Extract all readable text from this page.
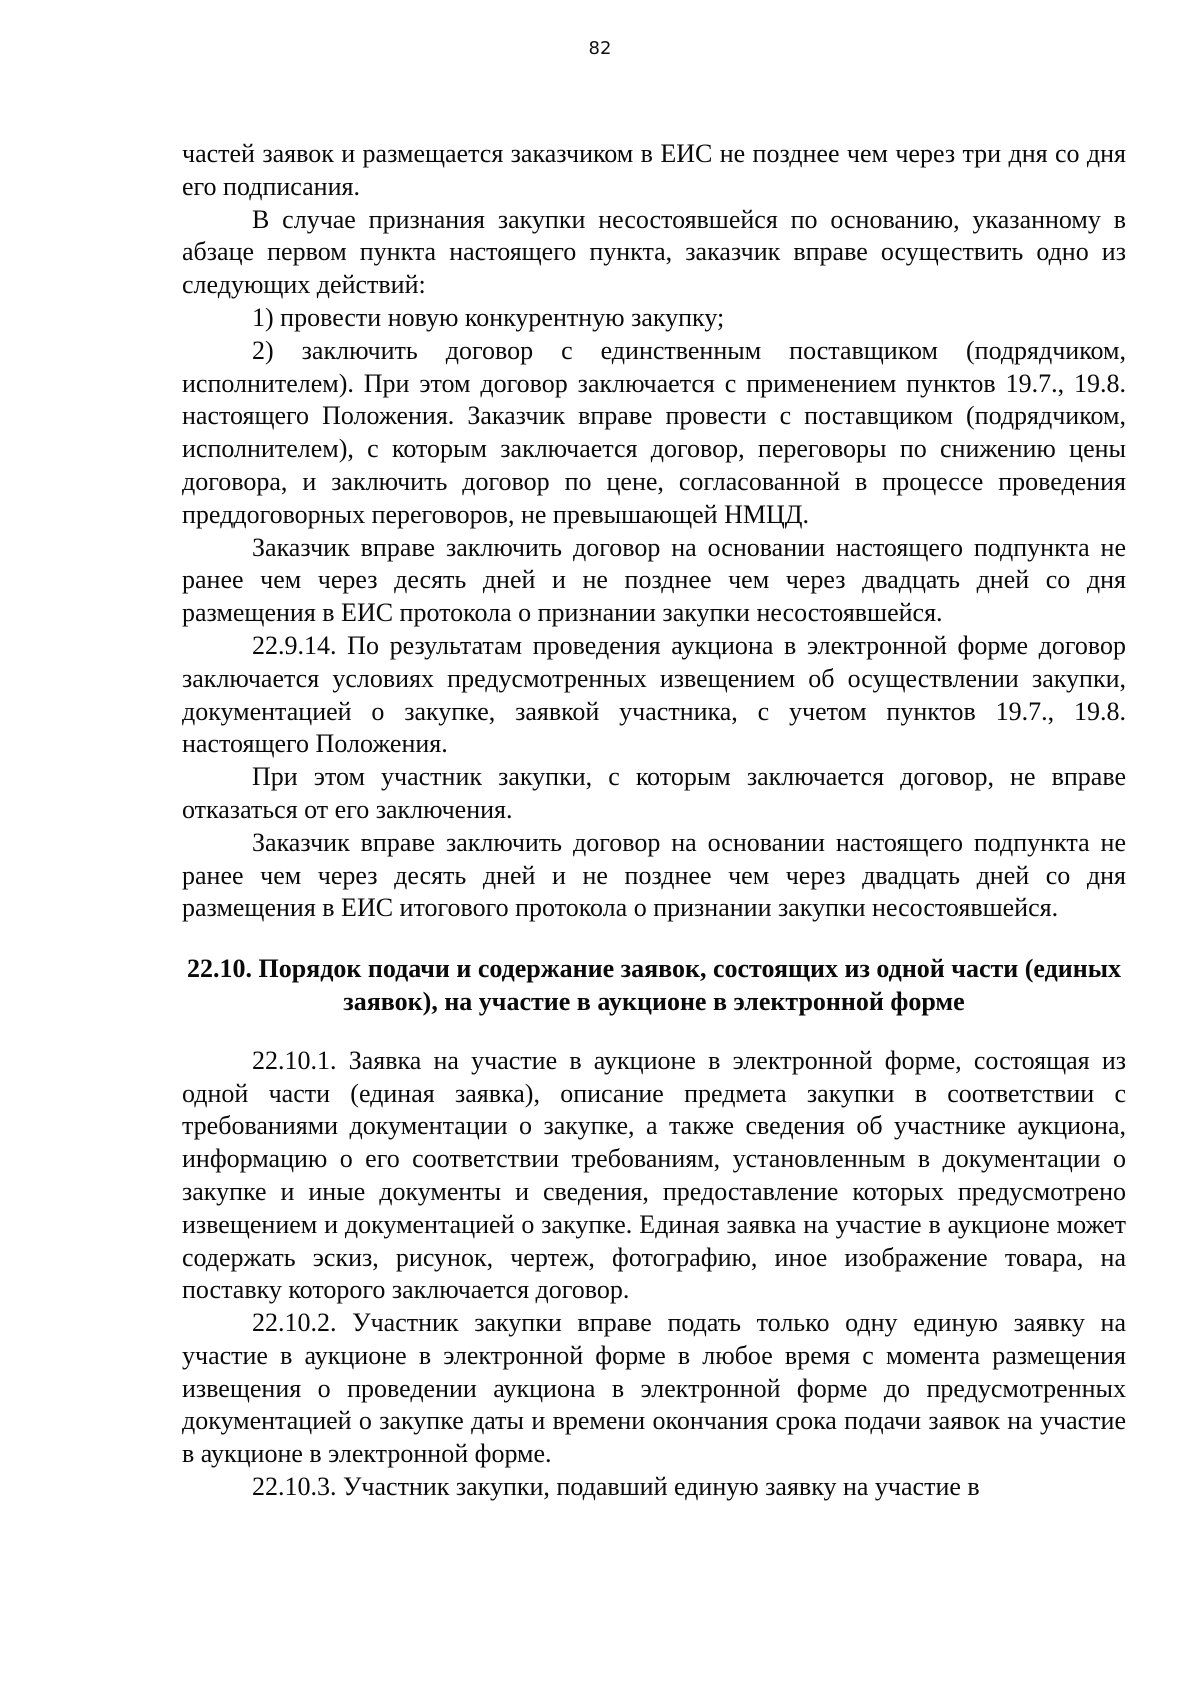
82

частей заявок и размещается заказчиком в ЕИС не позднее чем через три дня со дня его подписания.

В случае признания закупки несостоявшейся по основанию, указанному в абзаце первом пункта настоящего пункта, заказчик вправе осуществить одно из следующих действий:

1) провести новую конкурентную закупку;

2) заключить договор с единственным поставщиком (подрядчиком, исполнителем). При этом договор заключается с применением пунктов 19.7., 19.8. настоящего Положения. Заказчик вправе провести с поставщиком (подрядчиком, исполнителем), с которым заключается договор, переговоры по снижению цены договора, и заключить договор по цене, согласованной в процессе проведения преддоговорных переговоров, не превышающей НМЦД.

Заказчик вправе заключить договор на основании настоящего подпункта не ранее чем через десять дней и не позднее чем через двадцать дней со дня размещения в ЕИС протокола о признании закупки несостоявшейся.

22.9.14. По результатам проведения аукциона в электронной форме договор заключается условиях предусмотренных извещением об осуществлении закупки, документацией о закупке, заявкой участника, с учетом пунктов 19.7., 19.8. настоящего Положения.

При этом участник закупки, с которым заключается договор, не вправе отказаться от его заключения.

Заказчик вправе заключить договор на основании настоящего подпункта не ранее чем через десять дней и не позднее чем через двадцать дней со дня размещения в ЕИС итогового протокола о признании закупки несостоявшейся.

22.10. Порядок подачи и содержание заявок, состоящих из одной части (единых заявок), на участие в аукционе в электронной форме

22.10.1. Заявка на участие в аукционе в электронной форме, состоящая из одной части (единая заявка), описание предмета закупки в соответствии с требованиями документации о закупке, а также сведения об участнике аукциона, информацию о его соответствии требованиям, установленным в документации о закупке и иные документы и сведения, предоставление которых предусмотрено извещением и документацией о закупке. Единая заявка на участие в аукционе может содержать эскиз, рисунок, чертеж, фотографию, иное изображение товара, на поставку которого заключается договор.

22.10.2. Участник закупки вправе подать только одну единую заявку на участие в аукционе в электронной форме в любое время с момента размещения извещения о проведении аукциона в электронной форме до предусмотренных документацией о закупке даты и времени окончания срока подачи заявок на участие в аукционе в электронной форме.

22.10.3. Участник закупки, подавший единую заявку на участие в
